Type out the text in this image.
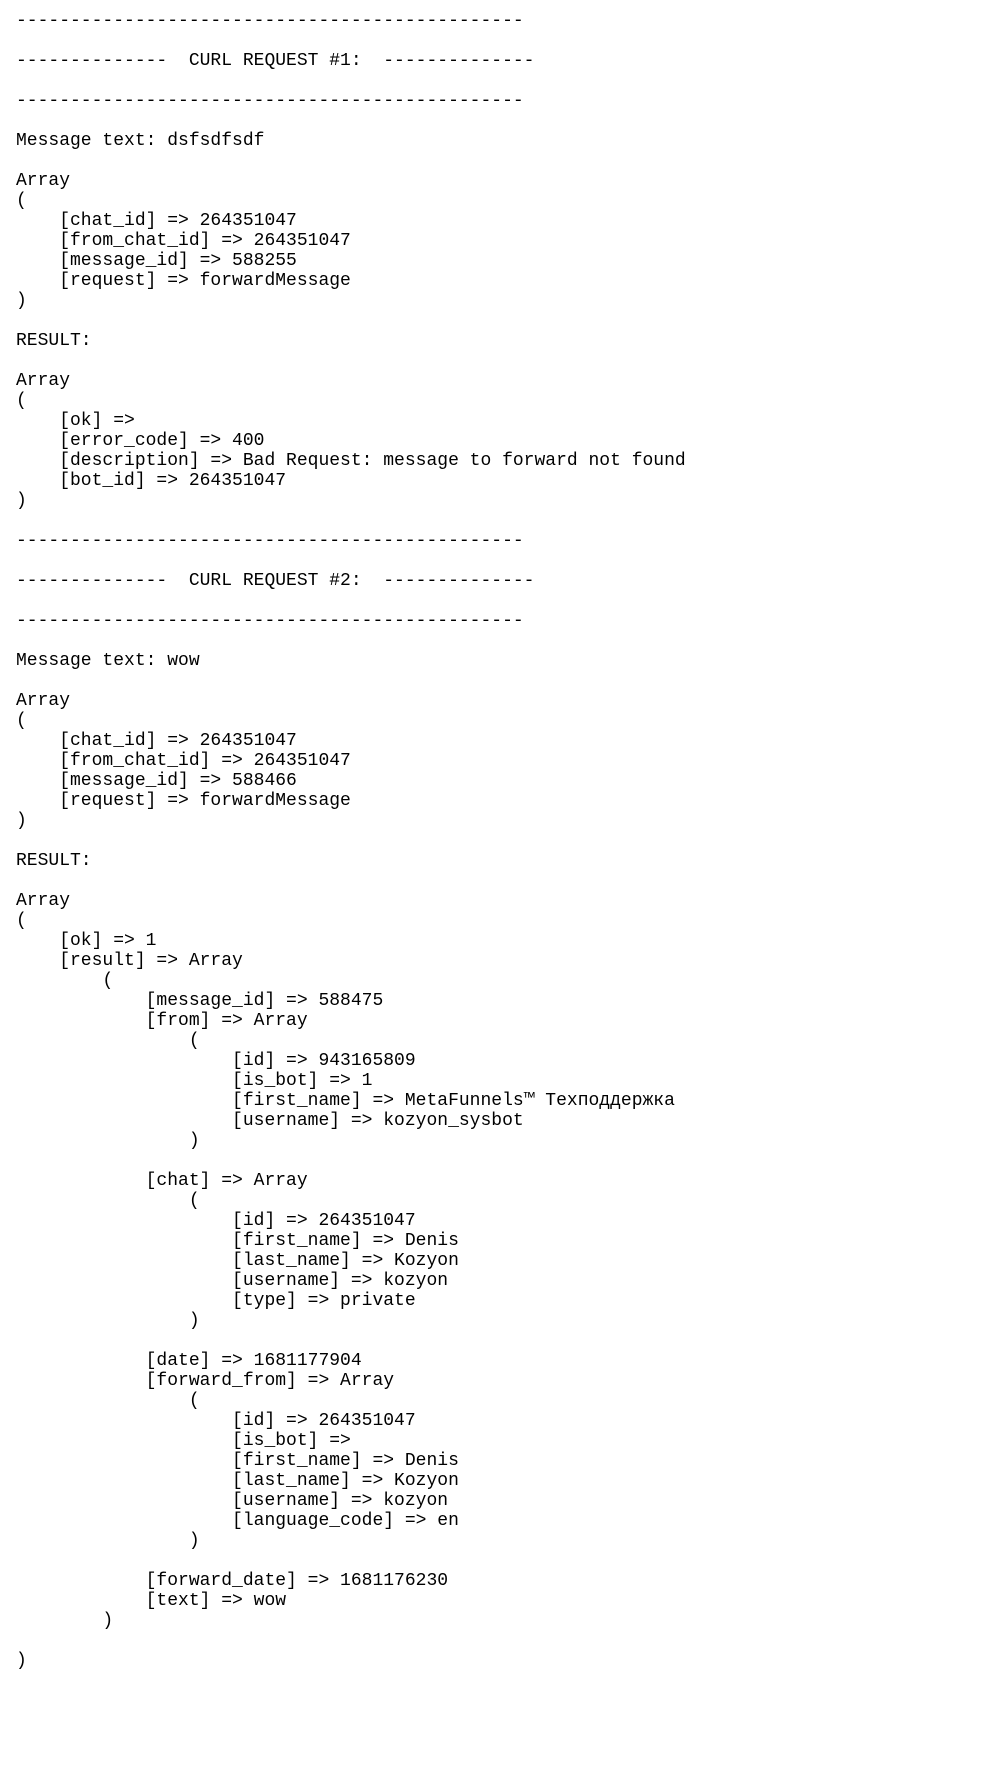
-----------------------------------------------

--------------  CURL REQUEST #1:  --------------

-----------------------------------------------

Message text: dsfsdfsdf

Array
(
[chat_id] => 264351047
[from_chat_id] => 264351047
[message_id] => 588255
[request] => forwardMessage
)

RESULT:

Array
(
[ok] =>
[error_code] => 400
[description] => Bad Request: message to forward not found
[bot_id] => 264351047
)

-----------------------------------------------

--------------  CURL REQUEST #2:  --------------

-----------------------------------------------

Message text: wow

Array
(
[chat_id] => 264351047
[from_chat_id] => 264351047
[message_id] => 588466
[request] => forwardMessage
)

RESULT:

Array
(
[ok] => 1
[result] => Array
(
[message_id] => 588475
[from] => Array
(
[id] => 943165809
[is_bot] => 1
[first_name] => MetaFunnels™ Техподдержка
[username] => kozyon_sysbot
)

[chat] => Array
(
[id] => 264351047
[first_name] => Denis
[last_name] => Kozyon
[username] => kozyon
[type] => private
)

[date] => 1681177904
[forward_from] => Array
(
[id] => 264351047
[is_bot] =>
[first_name] => Denis
[last_name] => Kozyon
[username] => kozyon
[language_code] => en
)

[forward_date] => 1681176230
[text] => wow
)

)
